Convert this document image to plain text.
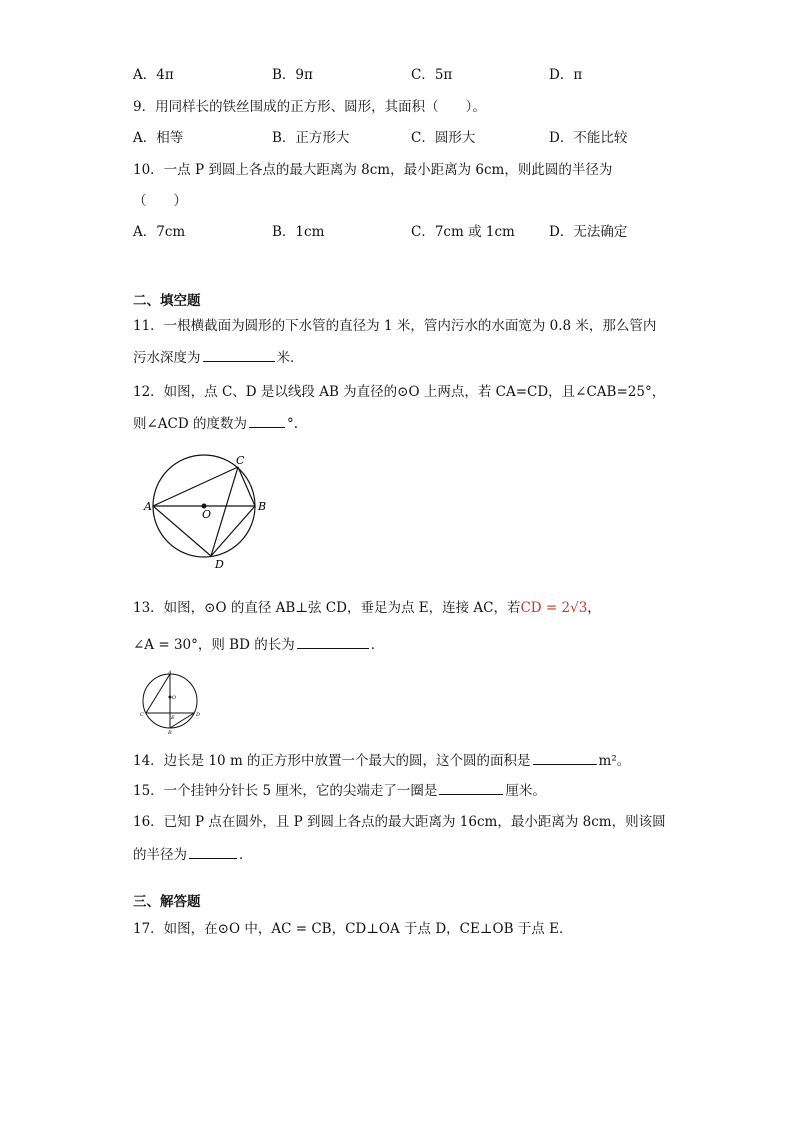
A．4π	B．9π	C．5π	D．π
9．用同样长的铁丝围成的正方形、圆形，其面积（　　）。
A．相等	B．正方形大	C．圆形大	D．不能比较
10．一点 P 到圆上各点的最大距离为 8cm，最小距离为 6cm，则此圆的半径为
（　　）
A．7cm	B．1cm	C．7cm 或 1cm	D．无法确定
二、填空题
11．一根横截面为圆形的下水管的直径为 1 米，管内污水的水面宽为 0.8 米，那么管内
污水深度为	米．
12．如图，点 C、D 是以线段 AB 为直径的⊙O 上两点，若 CA=CD，且∠CAB=25°，
则∠ACD 的度数为	°.
A	B
C
D
O
13．如图，⊙O 的直径 AB⊥弦 CD，垂足为点 E，连接 AC，若CD = 2√3，
∠A = 30°，则 BD 的长为	．
A
O
C	E	D
B
14．边长是 10 m 的正方形中放置一个最大的圆，这个圆的面积是	m²。
15．一个挂钟分针长 5 厘米，它的尖端走了一圈是	厘米。
16．已知 P 点在圆外，且 P 到圆上各点的最大距离为 16cm，最小距离为 8cm，则该圆
的半径为	．
三、解答题
17．如图，在⊙O 中，AC = CB，CD⊥OA 于点 D，CE⊥OB 于点 E．
